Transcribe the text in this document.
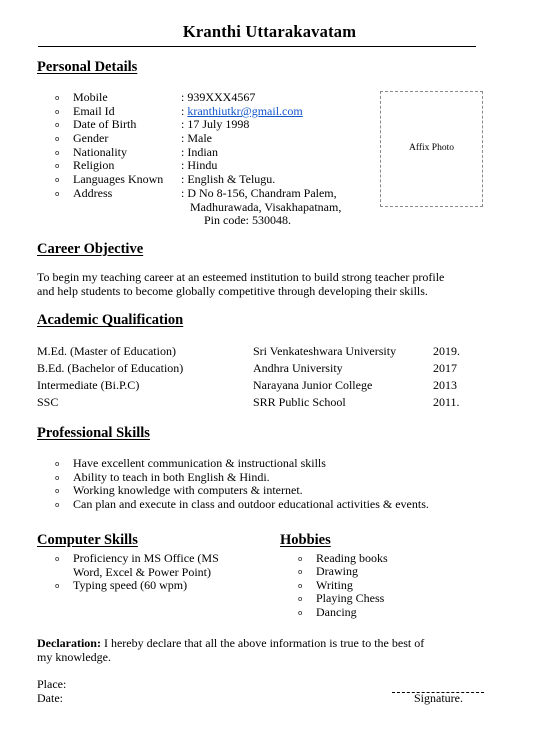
Kranthi Uttarakavatam
Personal Details
o Mobile	: 939XXX4567
o Email Id	: kranthiutkr@gmail.com
o Date of Birth	: 17 July 1998
o Gender	: Male
o Nationality	: Indian
o Religion	: Hindu
o Languages Known : English & Telugu.
o Address	: D No 8-156, Chandram Palem,
Madhurawada, Visakhapatnam,
Pin code: 530048.
Affix Photo
Career Objective
To begin my teaching career at an esteemed institution to build strong teacher profile
and help students to become globally competitive through developing their skills.
Academic Qualification
M.Ed. (Master of Education)	Sri Venkateshwara University	2019.
B.Ed. (Bachelor of Education)	Andhra University	2017
Intermediate (Bi.P.C)	Narayana Junior College	2013
SSC	SRR Public School	2011.
Professional Skills
o Have excellent communication & instructional skills
o Ability to teach in both English & Hindi.
o Working knowledge with computers & internet.
o Can plan and execute in class and outdoor educational activities & events.
Computer Skills
o Proficiency in MS Office (MS
Word, Excel & Power Point)
o Typing speed (60 wpm)
Hobbies
o Reading books
o Drawing
o Writing
o Playing Chess
o Dancing
Declaration: I hereby declare that all the above information is true to the best of
my knowledge.
Place:
Date:	Signature.
